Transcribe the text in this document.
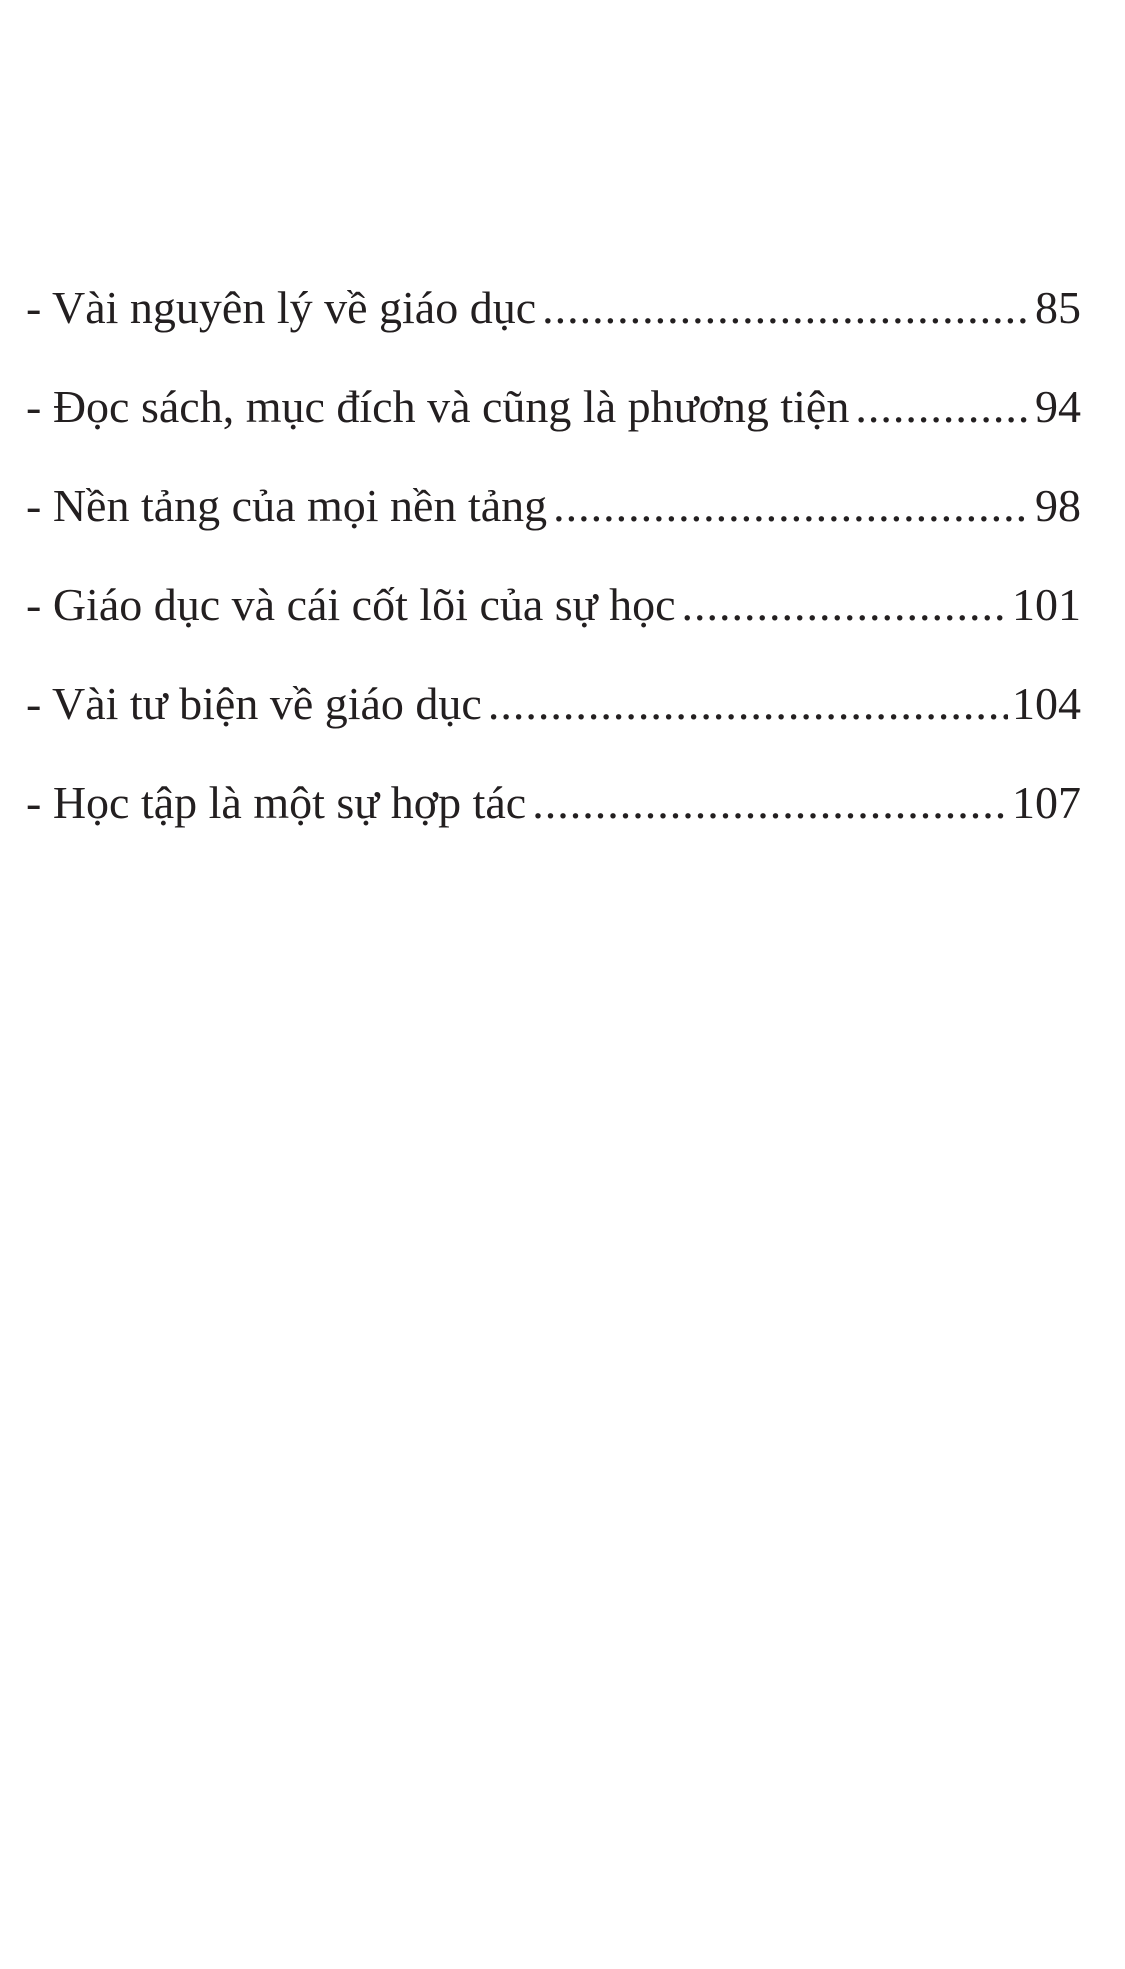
- Vài nguyên lý về giáo dục .....	85
- Đọc sách, mục đích và cũng là phương tiện .....	94
- Nền tảng của mọi nền tảng .....	98
- Giáo dục và cái cốt lõi của sự học .....	101
- Vài tư biện về giáo dục .....	104
- Học tập là một sự hợp tác .....	107
